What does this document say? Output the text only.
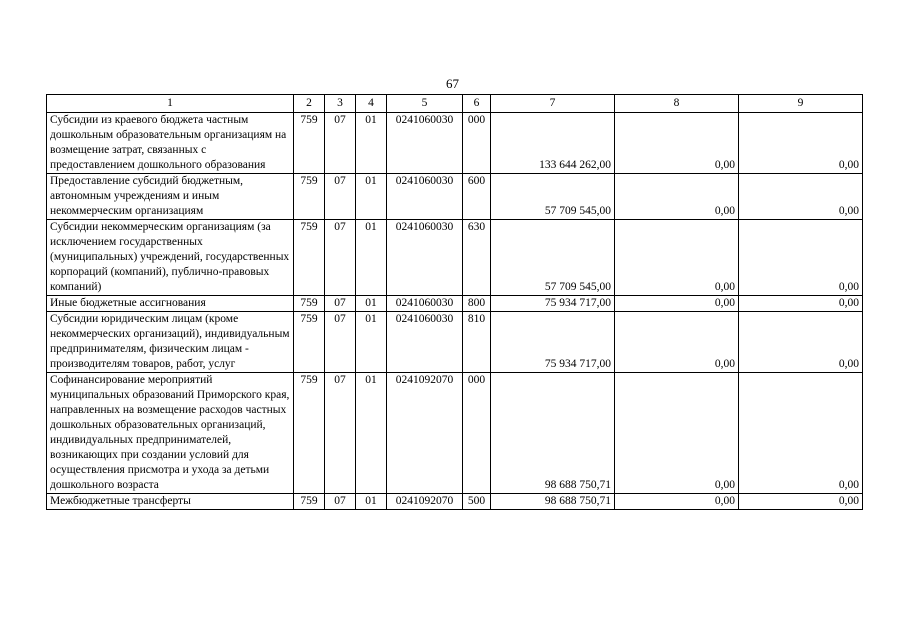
67
1	2	3	4	5	6	7	8	9
Субсидии из краевого бюджета частным дошкольным образовательным организациям на возмещение затрат, связанных с предоставлением дошкольного образования	759	07	01	0241060030	000	133 644 262,00	0,00	0,00
Предоставление субсидий бюджетным, автономным учреждениям и иным некоммерческим организациям	759	07	01	0241060030	600	57 709 545,00	0,00	0,00
Субсидии некоммерческим организациям (за исключением государственных (муниципальных) учреждений, государственных корпораций (компаний), публично-правовых компаний)	759	07	01	0241060030	630	57 709 545,00	0,00	0,00
Иные бюджетные ассигнования	759	07	01	0241060030	800	75 934 717,00	0,00	0,00
Субсидии юридическим лицам (кроме некоммерческих организаций), индивидуальным предпринимателям, физическим лицам - производителям товаров, работ, услуг	759	07	01	0241060030	810	75 934 717,00	0,00	0,00
Софинансирование мероприятий муниципальных образований Приморского края, направленных на возмещение расходов частных дошкольных образовательных организаций, индивидуальных предпринимателей, возникающих при создании условий для осуществления присмотра и ухода за детьми дошкольного возраста	759	07	01	0241092070	000	98 688 750,71	0,00	0,00
Межбюджетные трансферты	759	07	01	0241092070	500	98 688 750,71	0,00	0,00
